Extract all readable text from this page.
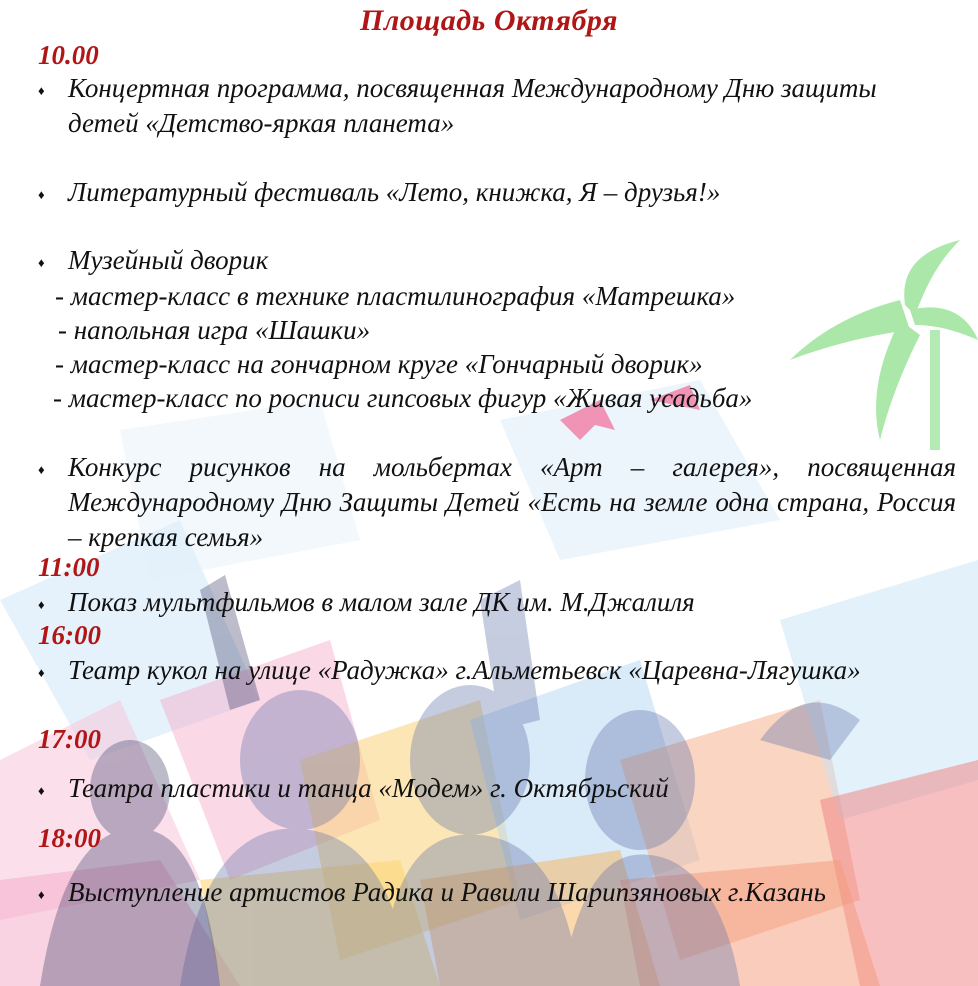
Площадь Октября
10.00
♦ Концертная программа, посвященная Международному Дню защиты детей «Детство-яркая планета»
♦ Литературный фестиваль «Лето, книжка, Я – друзья!»
♦ Музейный дворик
- мастер-класс в технике пластилинография «Матрешка»
- напольная игра «Шашки»
- мастер-класс на гончарном круге «Гончарный дворик»
- мастер-класс по росписи гипсовых фигур «Живая усадьба»
♦ Конкурс рисунков на мольбертах «Арт – галерея», посвященная Международному Дню Защиты Детей «Есть на земле одна страна, Россия – крепкая семья»
11:00
♦ Показ мультфильмов в малом зале ДК им. М.Джалиля
16:00
♦ Театр кукол на улице «Радужка» г.Альметьевск «Царевна-Лягушка»
17:00
♦ Театра пластики и танца «Модем» г. Октябрьский
18:00
♦ Выступление артистов Радика и Равили Шарипзяновых г.Казань
